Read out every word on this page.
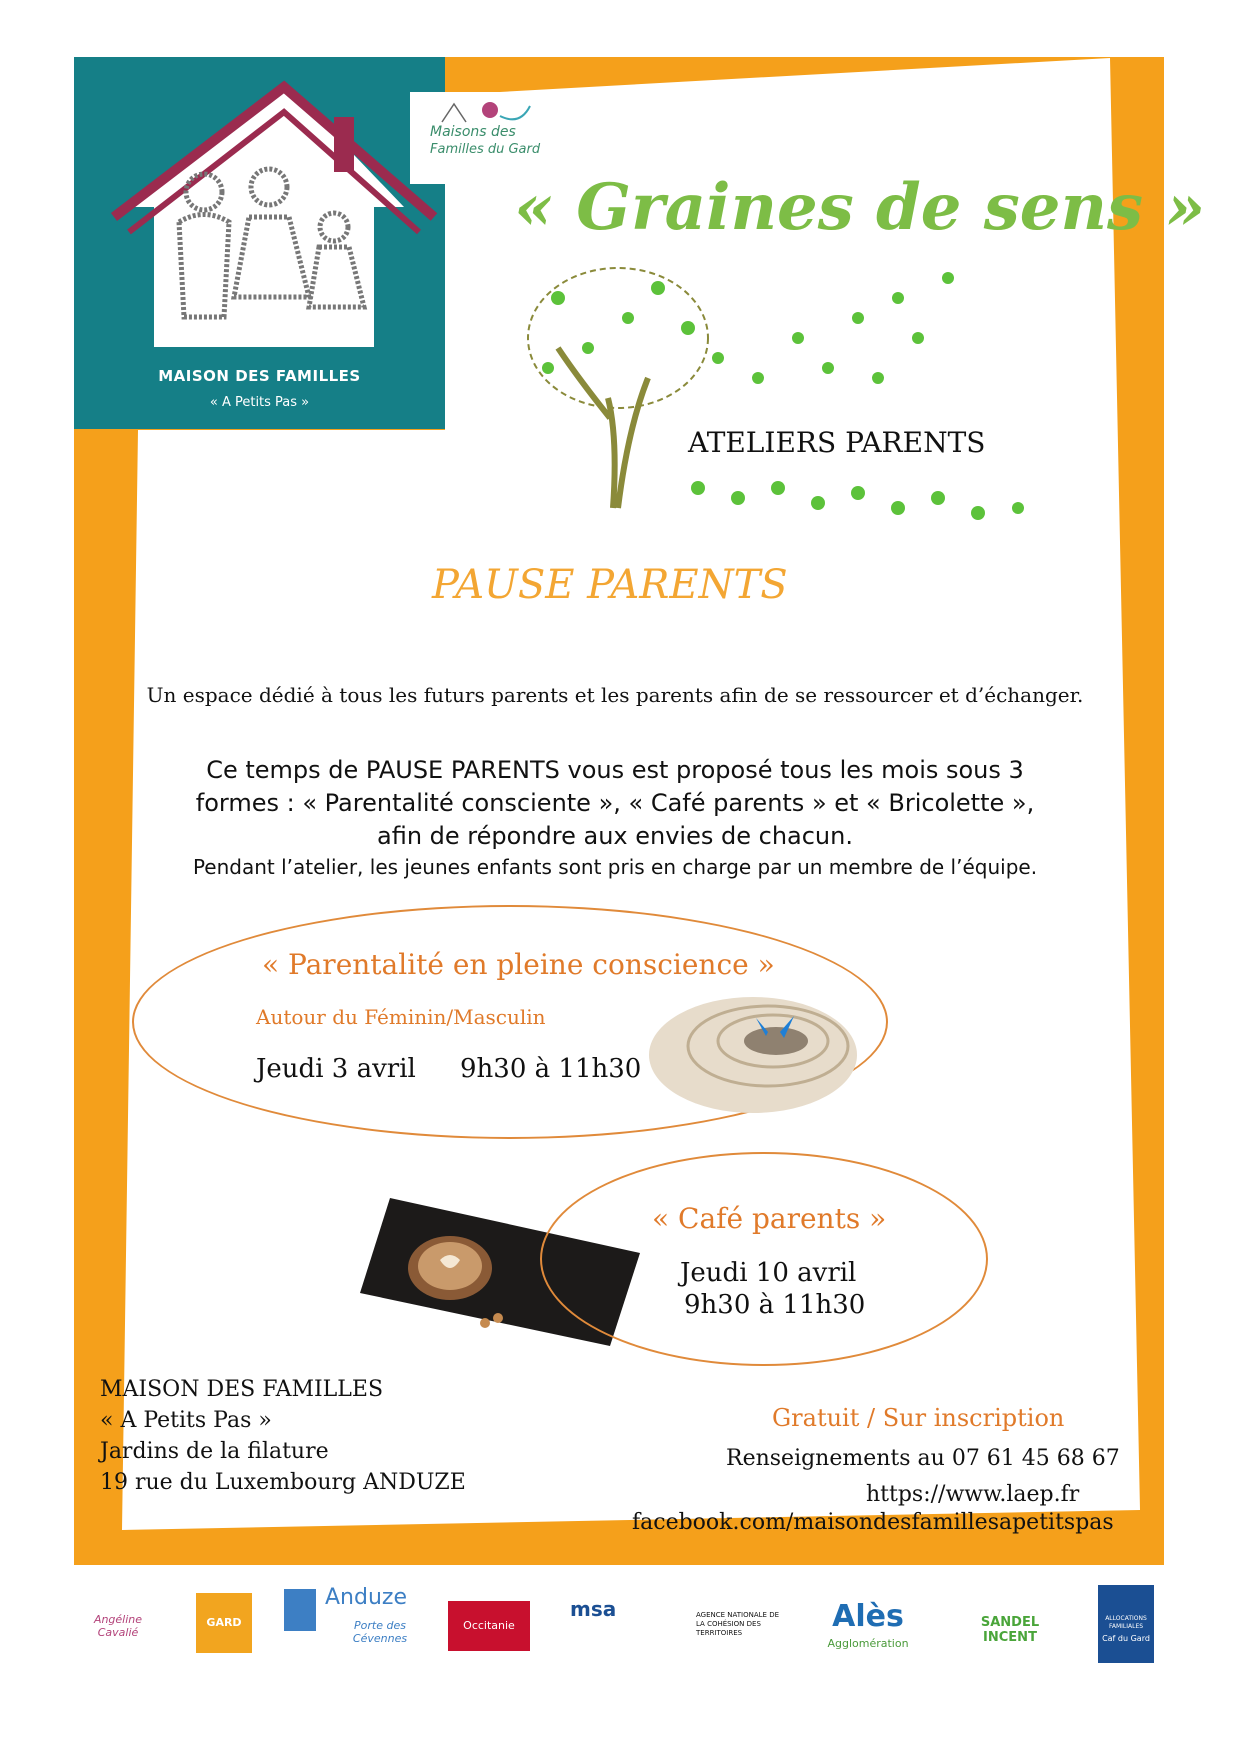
MAISON DES FAMILLES
« A Petits Pas »
Maisons des
Familles du Gard
Avril
« Graines de sens »
ATELIERS PARENTS
PAUSE PARENTS
Un espace dédié à tous les futurs parents et les parents afin de se ressourcer et d’échanger.
Ce temps de PAUSE PARENTS vous est proposé tous les mois sous 3
formes : « Parentalité consciente », « Café parents » et « Bricolette »,
afin de répondre aux envies de chacun.
Pendant l’atelier, les jeunes enfants sont pris en charge par un membre de l’équipe.
« Parentalité en pleine conscience »
Autour du Féminin/Masculin
Jeudi 3 avril 9h30 à 11h30
« Café parents »
Jeudi 10 avril
9h30 à 11h30
MAISON DES FAMILLES
« A Petits Pas »
Jardins de la filature
19 rue du Luxembourg ANDUZE
Gratuit / Sur inscription
Renseignements au 07 61 45 68 67
https://www.laep.fr
facebook.com/maisondesfamillesapetitspas
Angéline Cavalié
GARD
Anduze
Porte des Cévennes
Occitanie
msa	AGENCE NATIONALE DE LA COHÉSION DES TERRITOIRES	Alès
Agglomération
SANDEL INCENT
ALLOCATIONS FAMILIALES
Caf du Gard
